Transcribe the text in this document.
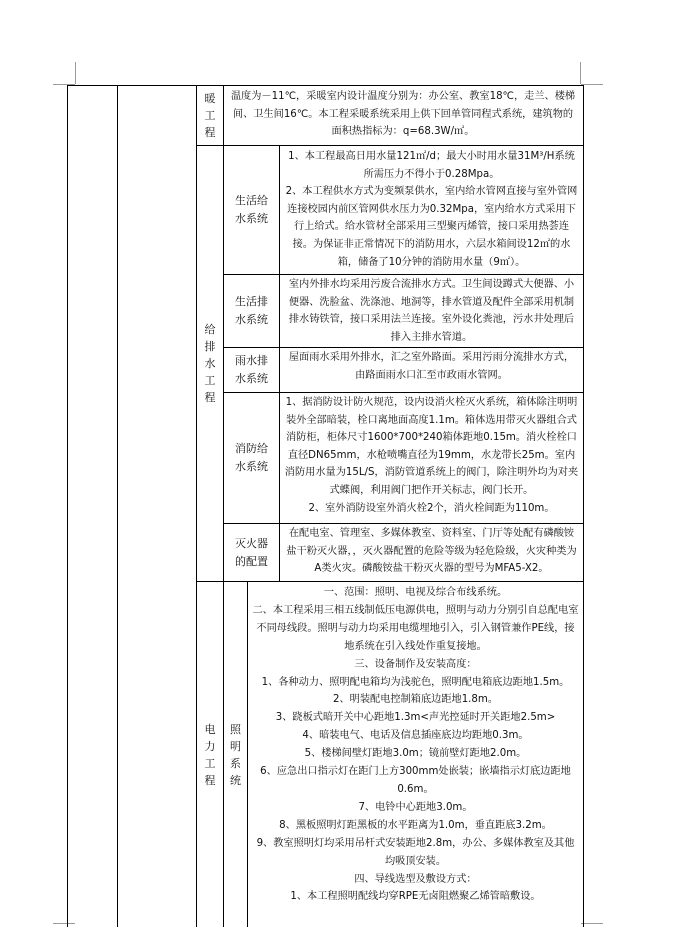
暖
工
程
温度为－11℃，采暖室内设计温度分别为：办公室、教室18℃，走兰、楼梯间、卫生间16℃。本工程采暖系统采用上供下回单管同程式系统，建筑物的面积热指标为：q=68.3W/㎡。
给
排
水
工
程
生活给水系统

1、本工程最高日用水量121㎡/d；最大小时用水量31M³/H系统所需压力不得小于0.28Mpa。

2、本工程供水方式为变频泵供水，室内给水管网直接与室外管网连接校园内前区管网供水压力为0.32Mpa，室内给水方式采用下行上给式。给水管材全部采用三型聚丙烯管，接口采用热荟连接。为保证非正常情况下的消防用水，六层水箱间设12㎡的水箱，储备了10分钟的消防用水量（9㎡）。

生活排水系统
室内外排水均采用污废合流排水方式。卫生间设蹲式大便器、小便器、洗脸盆、洗涤池、地洞等，排水管道及配件全部采用机制排水铸铁管，接口采用法兰连接。室外设化粪池，污水井处理后排入主排水管道。
雨水排水系统
屋面雨水采用外排水，汇之室外路面。采用污雨分流排水方式，由路面雨水口汇至市政雨水管网。
消防给水系统

1、据消防设计防火规范，设内设消火栓灭火系统，箱体除注明明装外全部暗装，栓口离地面高度1.1m。箱体选用带灭火器组合式消防柜，柜体尺寸1600*700*240箱体距地0.15m。消火栓栓口直径DN65mm，水枪喷嘴直径为19mm，水龙带长25m。室内消防用水量为15L/S，消防管道系统上的阀门，除注明外均为对夹式蝶阀，利用阀门把作开关标志，阀门长开。

2、室外消防设室外消火栓2个，消火栓间距为110m。

灭火器的配置
在配电室、管理室、多媒体教室、资料室、门厅等处配有磷酸铵盐干粉灭火器，，灭火器配置的危险等级为轻危险级，火灾种类为A类火灾。磷酸铵盐干粉灭火器的型号为MFA5-X2。
电
力
工
程
照
明
系
统

一、范围：照明、电视及综合布线系统。

二、本工程采用三相五线制低压电源供电，照明与动力分别引自总配电室不同母线段。照明与动力均采用电缆埋地引入，引入钢管兼作PE线，接地系统在引入线处作重复接地。

三、设备制作及安装高度：

1、各种动力、照明配电箱均为浅驼色，照明配电箱底边距地1.5m。

2、明装配电控制箱底边距地1.8m。

3、跷板式暗开关中心距地1.3m<声光控延时开关距地2.5m>

4、暗装电气、电话及信息插座底边均距地0.3m。

5、楼梯间壁灯距地3.0m；镜前壁灯距地2.0m。

6、应急出口指示灯在距门上方300mm处嵌装；嵌墙指示灯底边距地0.6m。

7、电铃中心距地3.0m。

8、黑板照明灯距黑板的水平距离为1.0m，垂直距底3.2m。

9、教室照明灯均采用吊杆式安装距地2.8m，办公、多媒体教室及其他均吸顶安装。

四、导线选型及敷设方式：

1、本工程照明配线均穿RPE无卤阻燃聚乙烯管暗敷设。
